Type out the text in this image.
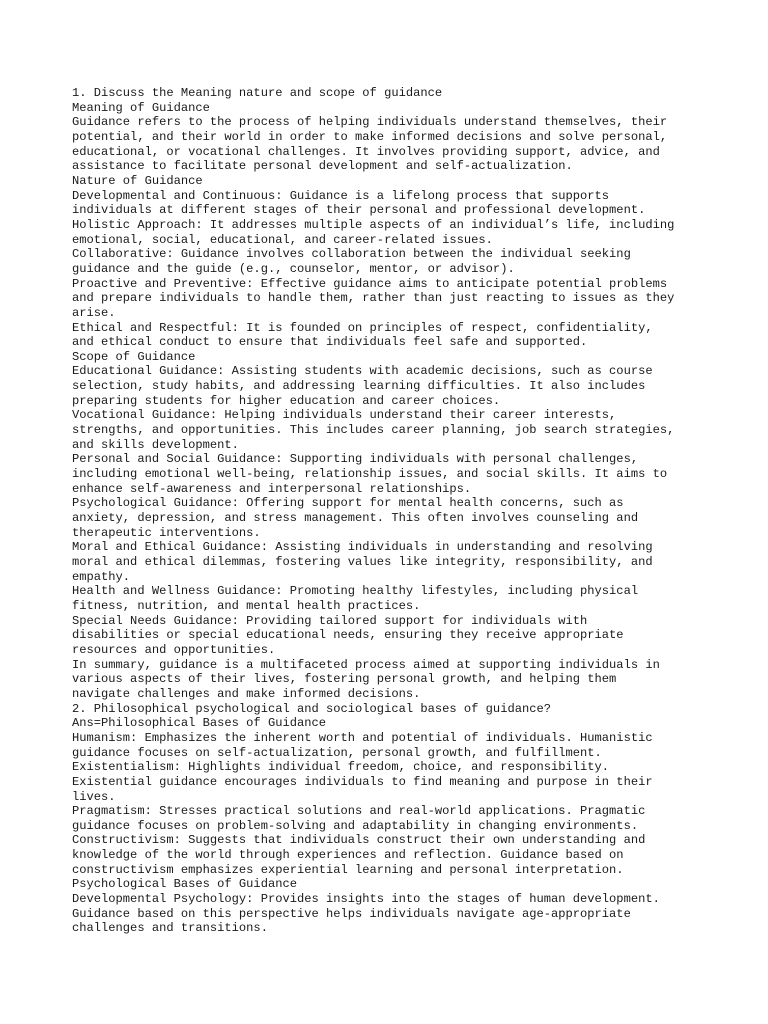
1. Discuss the Meaning nature and scope of guidance
Meaning of Guidance
Guidance refers to the process of helping individuals understand themselves, their
potential, and their world in order to make informed decisions and solve personal,
educational, or vocational challenges. It involves providing support, advice, and
assistance to facilitate personal development and self-actualization.
Nature of Guidance
Developmental and Continuous: Guidance is a lifelong process that supports
individuals at different stages of their personal and professional development.
Holistic Approach: It addresses multiple aspects of an individual’s life, including
emotional, social, educational, and career-related issues.
Collaborative: Guidance involves collaboration between the individual seeking
guidance and the guide (e.g., counselor, mentor, or advisor).
Proactive and Preventive: Effective guidance aims to anticipate potential problems
and prepare individuals to handle them, rather than just reacting to issues as they
arise.
Ethical and Respectful: It is founded on principles of respect, confidentiality,
and ethical conduct to ensure that individuals feel safe and supported.
Scope of Guidance
Educational Guidance: Assisting students with academic decisions, such as course
selection, study habits, and addressing learning difficulties. It also includes
preparing students for higher education and career choices.
Vocational Guidance: Helping individuals understand their career interests,
strengths, and opportunities. This includes career planning, job search strategies,
and skills development.
Personal and Social Guidance: Supporting individuals with personal challenges,
including emotional well-being, relationship issues, and social skills. It aims to
enhance self-awareness and interpersonal relationships.
Psychological Guidance: Offering support for mental health concerns, such as
anxiety, depression, and stress management. This often involves counseling and
therapeutic interventions.
Moral and Ethical Guidance: Assisting individuals in understanding and resolving
moral and ethical dilemmas, fostering values like integrity, responsibility, and
empathy.
Health and Wellness Guidance: Promoting healthy lifestyles, including physical
fitness, nutrition, and mental health practices.
Special Needs Guidance: Providing tailored support for individuals with
disabilities or special educational needs, ensuring they receive appropriate
resources and opportunities.
In summary, guidance is a multifaceted process aimed at supporting individuals in
various aspects of their lives, fostering personal growth, and helping them
navigate challenges and make informed decisions.
2. Philosophical psychological and sociological bases of guidance?
Ans=Philosophical Bases of Guidance
Humanism: Emphasizes the inherent worth and potential of individuals. Humanistic
guidance focuses on self-actualization, personal growth, and fulfillment.
Existentialism: Highlights individual freedom, choice, and responsibility.
Existential guidance encourages individuals to find meaning and purpose in their
lives.
Pragmatism: Stresses practical solutions and real-world applications. Pragmatic
guidance focuses on problem-solving and adaptability in changing environments.
Constructivism: Suggests that individuals construct their own understanding and
knowledge of the world through experiences and reflection. Guidance based on
constructivism emphasizes experiential learning and personal interpretation.
Psychological Bases of Guidance
Developmental Psychology: Provides insights into the stages of human development.
Guidance based on this perspective helps individuals navigate age-appropriate
challenges and transitions.
